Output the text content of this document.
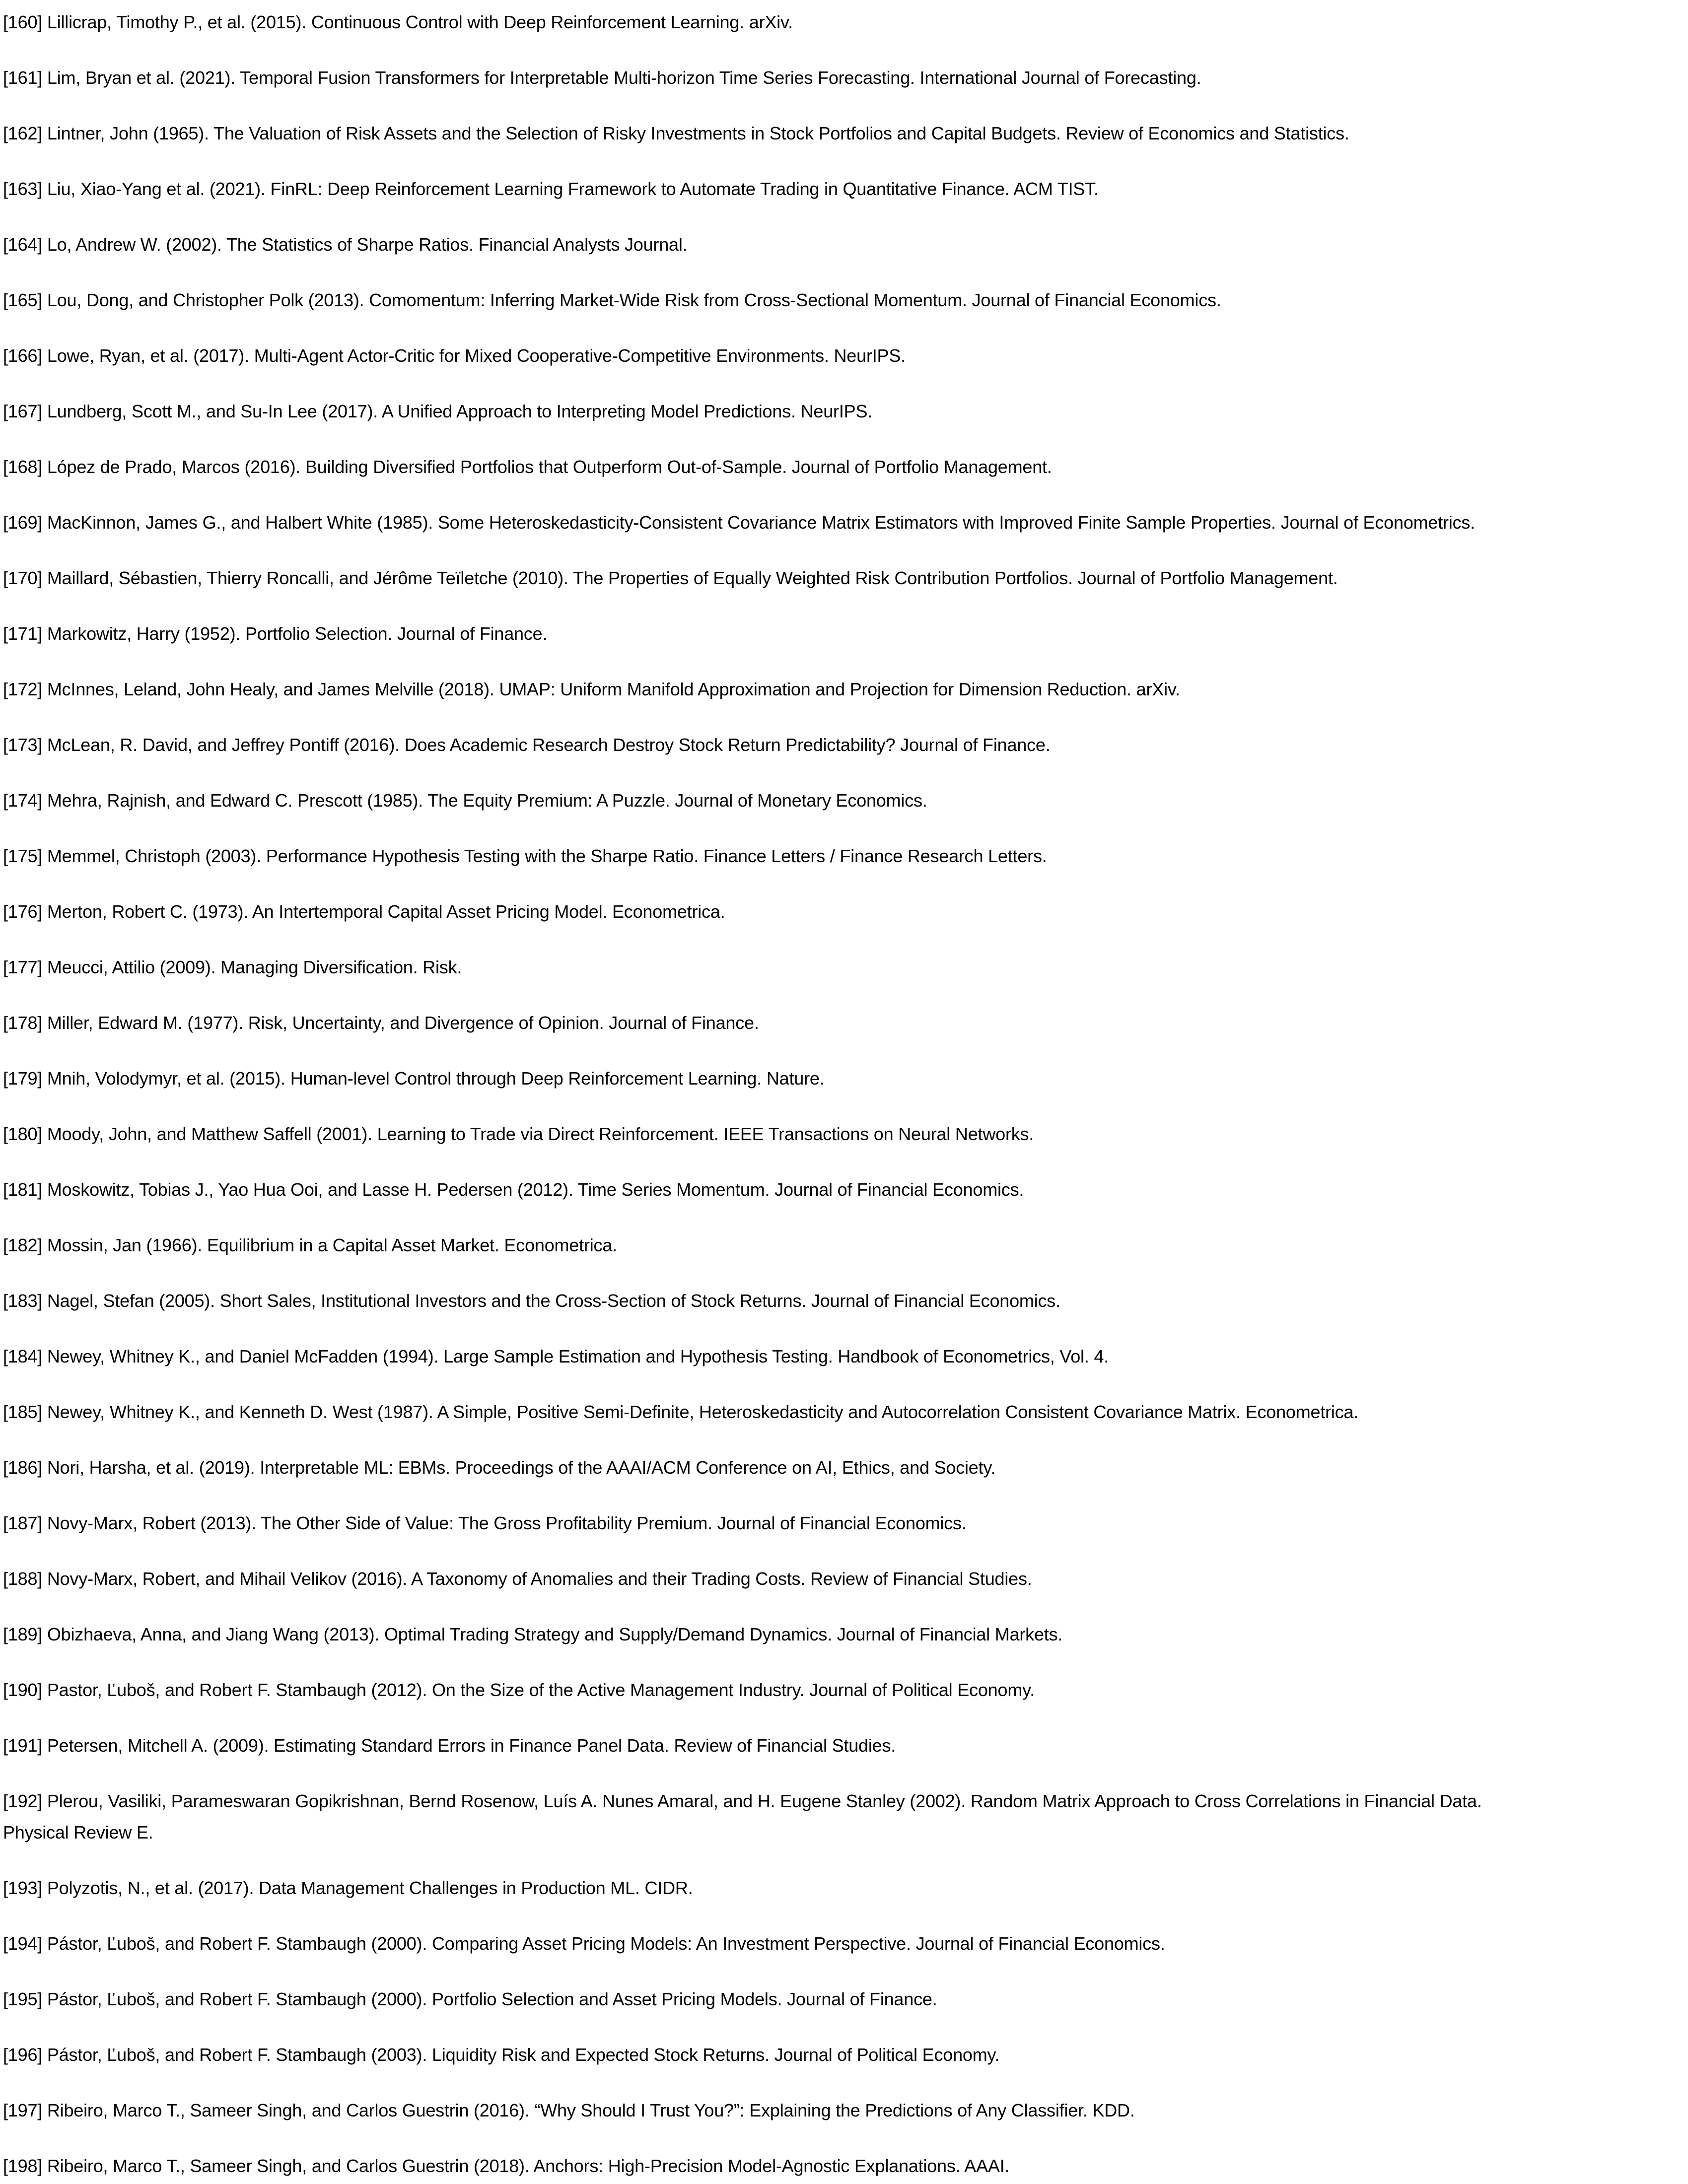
[160] Lillicrap, Timothy P., et al. (2015). Continuous Control with Deep Reinforcement Learning. arXiv.

[161] Lim, Bryan et al. (2021). Temporal Fusion Transformers for Interpretable Multi-horizon Time Series Forecasting. International Journal of Forecasting.

[162] Lintner, John (1965). The Valuation of Risk Assets and the Selection of Risky Investments in Stock Portfolios and Capital Budgets. Review of Economics and Statistics.

[163] Liu, Xiao-Yang et al. (2021). FinRL: Deep Reinforcement Learning Framework to Automate Trading in Quantitative Finance. ACM TIST.

[164] Lo, Andrew W. (2002). The Statistics of Sharpe Ratios. Financial Analysts Journal.

[165] Lou, Dong, and Christopher Polk (2013). Comomentum: Inferring Market-Wide Risk from Cross-Sectional Momentum. Journal of Financial Economics.

[166] Lowe, Ryan, et al. (2017). Multi-Agent Actor-Critic for Mixed Cooperative-Competitive Environments. NeurIPS.

[167] Lundberg, Scott M., and Su-In Lee (2017). A Unified Approach to Interpreting Model Predictions. NeurIPS.

[168] López de Prado, Marcos (2016). Building Diversified Portfolios that Outperform Out-of-Sample. Journal of Portfolio Management.

[169] MacKinnon, James G., and Halbert White (1985). Some Heteroskedasticity-Consistent Covariance Matrix Estimators with Improved Finite Sample Properties. Journal of Econometrics.

[170] Maillard, Sébastien, Thierry Roncalli, and Jérôme Teïletche (2010). The Properties of Equally Weighted Risk Contribution Portfolios. Journal of Portfolio Management.

[171] Markowitz, Harry (1952). Portfolio Selection. Journal of Finance.

[172] McInnes, Leland, John Healy, and James Melville (2018). UMAP: Uniform Manifold Approximation and Projection for Dimension Reduction. arXiv.

[173] McLean, R. David, and Jeffrey Pontiff (2016). Does Academic Research Destroy Stock Return Predictability? Journal of Finance.

[174] Mehra, Rajnish, and Edward C. Prescott (1985). The Equity Premium: A Puzzle. Journal of Monetary Economics.

[175] Memmel, Christoph (2003). Performance Hypothesis Testing with the Sharpe Ratio. Finance Letters / Finance Research Letters.

[176] Merton, Robert C. (1973). An Intertemporal Capital Asset Pricing Model. Econometrica.

[177] Meucci, Attilio (2009). Managing Diversification. Risk.

[178] Miller, Edward M. (1977). Risk, Uncertainty, and Divergence of Opinion. Journal of Finance.

[179] Mnih, Volodymyr, et al. (2015). Human-level Control through Deep Reinforcement Learning. Nature.

[180] Moody, John, and Matthew Saffell (2001). Learning to Trade via Direct Reinforcement. IEEE Transactions on Neural Networks.

[181] Moskowitz, Tobias J., Yao Hua Ooi, and Lasse H. Pedersen (2012). Time Series Momentum. Journal of Financial Economics.

[182] Mossin, Jan (1966). Equilibrium in a Capital Asset Market. Econometrica.

[183] Nagel, Stefan (2005). Short Sales, Institutional Investors and the Cross-Section of Stock Returns. Journal of Financial Economics.

[184] Newey, Whitney K., and Daniel McFadden (1994). Large Sample Estimation and Hypothesis Testing. Handbook of Econometrics, Vol. 4.

[185] Newey, Whitney K., and Kenneth D. West (1987). A Simple, Positive Semi-Definite, Heteroskedasticity and Autocorrelation Consistent Covariance Matrix. Econometrica.

[186] Nori, Harsha, et al. (2019). Interpretable ML: EBMs. Proceedings of the AAAI/ACM Conference on AI, Ethics, and Society.

[187] Novy-Marx, Robert (2013). The Other Side of Value: The Gross Profitability Premium. Journal of Financial Economics.

[188] Novy-Marx, Robert, and Mihail Velikov (2016). A Taxonomy of Anomalies and their Trading Costs. Review of Financial Studies.

[189] Obizhaeva, Anna, and Jiang Wang (2013). Optimal Trading Strategy and Supply/Demand Dynamics. Journal of Financial Markets.

[190] Pastor, Ľuboš, and Robert F. Stambaugh (2012). On the Size of the Active Management Industry. Journal of Political Economy.

[191] Petersen, Mitchell A. (2009). Estimating Standard Errors in Finance Panel Data. Review of Financial Studies.

[192] Plerou, Vasiliki, Parameswaran Gopikrishnan, Bernd Rosenow, Luís A. Nunes Amaral, and H. Eugene Stanley (2002). Random Matrix Approach to Cross Correlations in Financial Data.
Physical Review E.

[193] Polyzotis, N., et al. (2017). Data Management Challenges in Production ML. CIDR.

[194] Pástor, Ľuboš, and Robert F. Stambaugh (2000). Comparing Asset Pricing Models: An Investment Perspective. Journal of Financial Economics.

[195] Pástor, Ľuboš, and Robert F. Stambaugh (2000). Portfolio Selection and Asset Pricing Models. Journal of Finance.

[196] Pástor, Ľuboš, and Robert F. Stambaugh (2003). Liquidity Risk and Expected Stock Returns. Journal of Political Economy.

[197] Ribeiro, Marco T., Sameer Singh, and Carlos Guestrin (2016). “Why Should I Trust You?”: Explaining the Predictions of Any Classifier. KDD.

[198] Ribeiro, Marco T., Sameer Singh, and Carlos Guestrin (2018). Anchors: High-Precision Model-Agnostic Explanations. AAAI.
